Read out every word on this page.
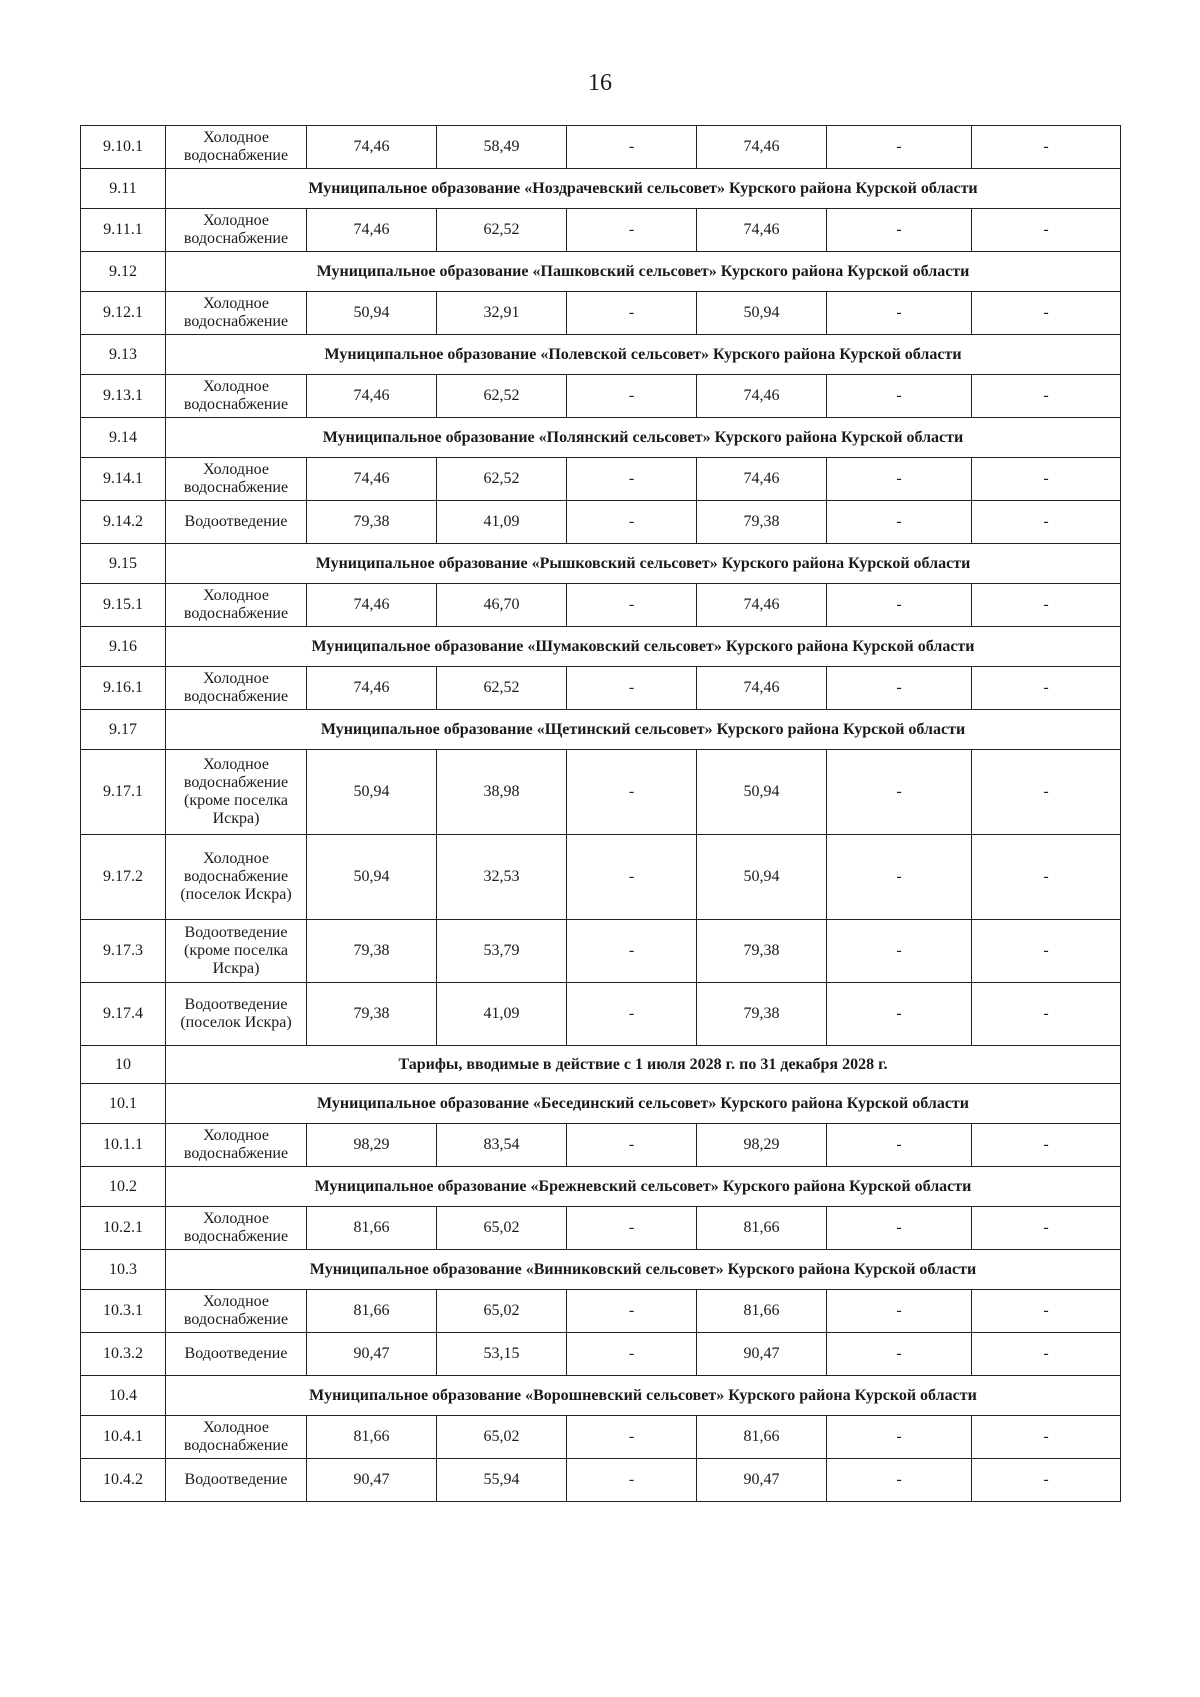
16
9.10.1	Холодное водоснабжение	74,46	58,49	-	74,46	-	-
9.11	Муниципальное образование «Ноздрачевский сельсовет» Курского района Курской области						
9.11.1	Холодное водоснабжение	74,46	62,52	-	74,46	-	-
9.12	Муниципальное образование «Пашковский сельсовет» Курского района Курской области						
9.12.1	Холодное водоснабжение	50,94	32,91	-	50,94	-	-
9.13	Муниципальное образование «Полевской сельсовет» Курского района Курской области						
9.13.1	Холодное водоснабжение	74,46	62,52	-	74,46	-	-
9.14	Муниципальное образование «Полянский сельсовет» Курского района Курской области						
9.14.1	Холодное водоснабжение	74,46	62,52	-	74,46	-	-
9.14.2	Водоотведение	79,38	41,09	-	79,38	-	-
9.15	Муниципальное образование «Рышковский сельсовет» Курского района Курской области						
9.15.1	Холодное водоснабжение	74,46	46,70	-	74,46	-	-
9.16	Муниципальное образование «Шумаковский сельсовет» Курского района Курской области						
9.16.1	Холодное водоснабжение	74,46	62,52	-	74,46	-	-
9.17	Муниципальное образование «Щетинский сельсовет» Курского района Курской области						
9.17.1	Холодное водоснабжение (кроме поселка Искра)	50,94	38,98	-	50,94	-	-
9.17.2	Холодное водоснабжение (поселок Искра)	50,94	32,53	-	50,94	-	-
9.17.3	Водоотведение (кроме поселка Искра)	79,38	53,79	-	79,38	-	-
9.17.4	Водоотведение (поселок Искра)	79,38	41,09	-	79,38	-	-
10	Тарифы, вводимые в действие с 1 июля 2028 г. по 31 декабря 2028 г.						
10.1	Муниципальное образование «Бесединский сельсовет» Курского района Курской области						
10.1.1	Холодное водоснабжение	98,29	83,54	-	98,29	-	-
10.2	Муниципальное образование «Брежневский сельсовет» Курского района Курской области						
10.2.1	Холодное водоснабжение	81,66	65,02	-	81,66	-	-
10.3	Муниципальное образование «Винниковский сельсовет» Курского района Курской области						
10.3.1	Холодное водоснабжение	81,66	65,02	-	81,66	-	-
10.3.2	Водоотведение	90,47	53,15	-	90,47	-	-
10.4	Муниципальное образование «Ворошневский сельсовет» Курского района Курской области						
10.4.1	Холодное водоснабжение	81,66	65,02	-	81,66	-	-
10.4.2	Водоотведение	90,47	55,94	-	90,47	-	-
